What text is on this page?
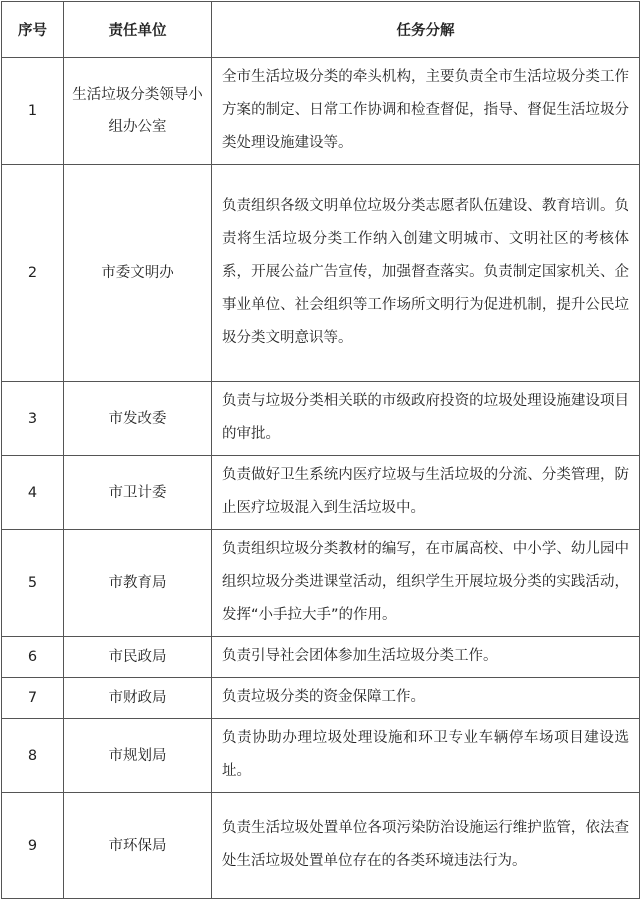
序号	责任单位	任务分解
1	生活垃圾分类领导小组办公室	全市生活垃圾分类的牵头机构，主要负责全市生活垃圾分类工作方案的制定、日常工作协调和检查督促，指导、督促生活垃圾分类处理设施建设等。
2	市委文明办	负责组织各级文明单位垃圾分类志愿者队伍建设、教育培训。负责将生活垃圾分类工作纳入创建文明城市、文明社区的考核体系，开展公益广告宣传，加强督查落实。负责制定国家机关、企事业单位、社会组织等工作场所文明行为促进机制，提升公民垃圾分类文明意识等。
3	市发改委	负责与垃圾分类相关联的市级政府投资的垃圾处理设施建设项目的审批。
4	市卫计委	负责做好卫生系统内医疗垃圾与生活垃圾的分流、分类管理，防止医疗垃圾混入到生活垃圾中。
5	市教育局	负责组织垃圾分类教材的编写，在市属高校、中小学、幼儿园中组织垃圾分类进课堂活动，组织学生开展垃圾分类的实践活动，发挥“小手拉大手”的作用。
6	市民政局	负责引导社会团体参加生活垃圾分类工作。
7	市财政局	负责垃圾分类的资金保障工作。
8	市规划局	负责协助办理垃圾处理设施和环卫专业车辆停车场项目建设选址。
9	市环保局	负责生活垃圾处置单位各项污染防治设施运行维护监管，依法查处生活垃圾处置单位存在的各类环境违法行为。
